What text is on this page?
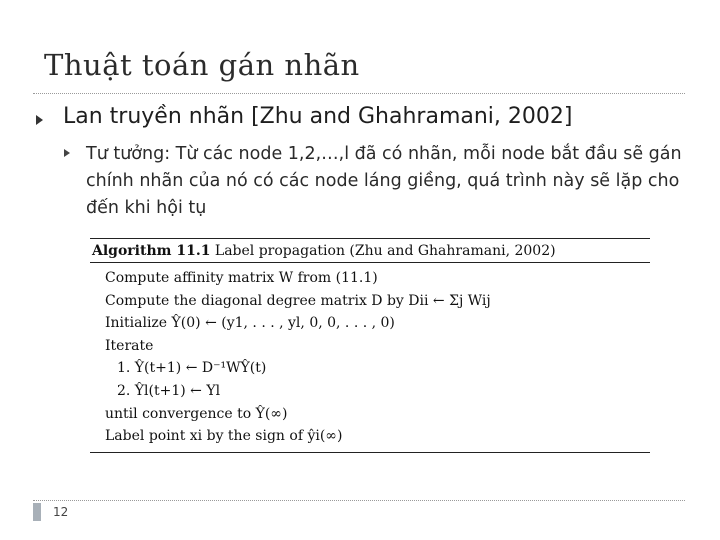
Thuật toán gán nhãn
Lan truyền nhãn [Zhu and Ghahramani, 2002]
Tư tưởng: Từ các node 1,2,…,l đã có nhãn, mỗi node bắt đầu sẽ gán chính nhãn của nó có các node láng giềng, quá trình này sẽ lặp cho đến khi hội tụ
Algorithm 11.1 Label propagation (Zhu and Ghahramani, 2002)
Compute affinity matrix W from (11.1)
Compute the diagonal degree matrix D by Dii ← Σj Wij
Initialize Ŷ(0) ← (y1, . . . , yl, 0, 0, . . . , 0)
Iterate
1. Ŷ(t+1) ← D⁻¹WŶ(t)
2. Ŷl(t+1) ← Yl
until convergence to Ŷ(∞)
Label point xi by the sign of ŷi(∞)
12
